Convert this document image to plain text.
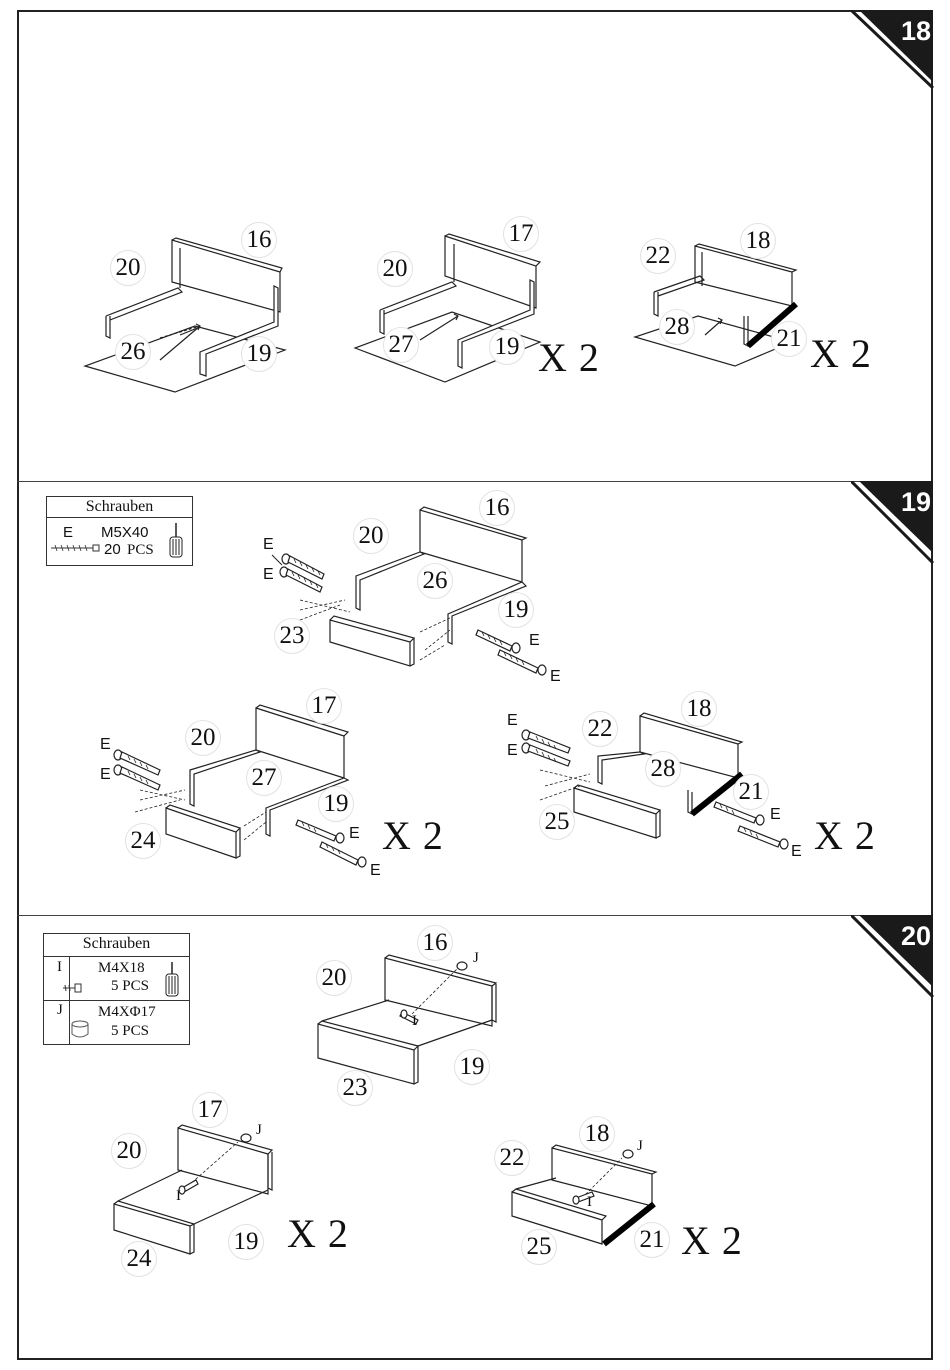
18
19
20
16
20
26	19
17
20
27	19 X 2
18
22
28	21 X 2
Schrauben
E M5X40
20 PCS	E
E
E
E
E
E
E
E
E
E
E
E
16
20
26
19
23
17
20
27
19
24	X 2
18
22
28
21
25	X 2
Schrauben
I M4X18
5 PCS
J M4XΦ17
5 PCS
I
J
I
J
I
J
16
20
19
23
17
20
19
24
X 2
18
22
21
25	X 2
